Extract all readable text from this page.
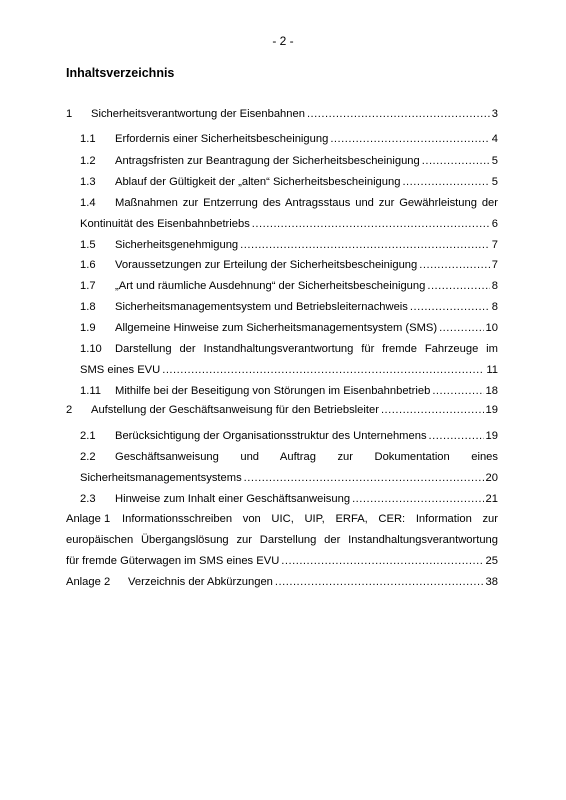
- 2 -
Inhaltsverzeichnis
1	Sicherheitsverantwortung der Eisenbahnen .....	3
1.1	Erfordernis einer Sicherheitsbescheinigung .....	4
1.2	Antragsfristen zur Beantragung der Sicherheitsbescheinigung .....	5
1.3	Ablauf der Gültigkeit der „alten“ Sicherheitsbescheinigung .....	5
1.4	Maßnahmen zur Entzerrung des Antragsstaus und zur Gewährleistung der
Kontinuität des Eisenbahnbetriebs .....	6
1.5	Sicherheitsgenehmigung .....	7
1.6	Voraussetzungen zur Erteilung der Sicherheitsbescheinigung .....	7
1.7	„Art und räumliche Ausdehnung“ der Sicherheitsbescheinigung .....	8
1.8	Sicherheitsmanagementsystem und Betriebsleiternachweis .....	8
1.9	Allgemeine Hinweise zum Sicherheitsmanagementsystem (SMS) .....	10
1.10	Darstellung der Instandhaltungsverantwortung für fremde Fahrzeuge im
SMS eines EVU .....	11
1.11	Mithilfe bei der Beseitigung von Störungen im Eisenbahnbetrieb .....	18
2	Aufstellung der Geschäftsanweisung für den Betriebsleiter .....	19
2.1	Berücksichtigung der Organisationsstruktur des Unternehmens .....	19
2.2	Geschäftsanweisung und Auftrag zur Dokumentation eines
Sicherheitsmanagementsystems .....	20
2.3	Hinweise zum Inhalt einer Geschäftsanweisung .....	21
Anlage 1	Informationsschreiben von UIC, UIP, ERFA, CER: Information zur
europäischen Übergangslösung zur Darstellung der Instandhaltungsverantwortung
für fremde Güterwagen im SMS eines EVU .....	25
Anlage 2	Verzeichnis der Abkürzungen .....	38
